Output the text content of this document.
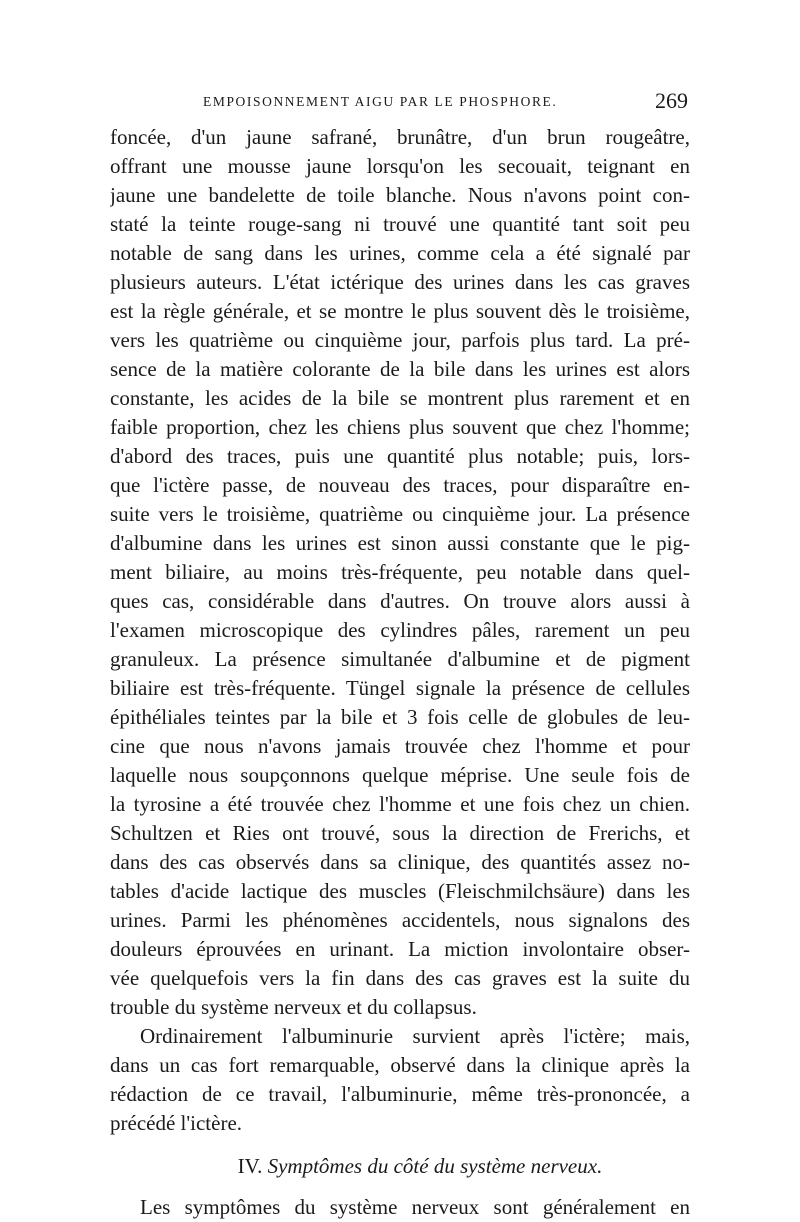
EMPOISONNEMENT AIGU PAR LE PHOSPHORE.	269
foncée, d'un jaune safrané, brunâtre, d'un brun rougeâtre,
offrant une mousse jaune lorsqu'on les secouait, teignant en
jaune une bandelette de toile blanche. Nous n'avons point con-
staté la teinte rouge-sang ni trouvé une quantité tant soit peu
notable de sang dans les urines, comme cela a été signalé par
plusieurs auteurs. L'état ictérique des urines dans les cas graves
est la règle générale, et se montre le plus souvent dès le troisième,
vers les quatrième ou cinquième jour, parfois plus tard. La pré-
sence de la matière colorante de la bile dans les urines est alors
constante, les acides de la bile se montrent plus rarement et en
faible proportion, chez les chiens plus souvent que chez l'homme;
d'abord des traces, puis une quantité plus notable; puis, lors-
que l'ictère passe, de nouveau des traces, pour disparaître en-
suite vers le troisième, quatrième ou cinquième jour. La présence
d'albumine dans les urines est sinon aussi constante que le pig-
ment biliaire, au moins très-fréquente, peu notable dans quel-
ques cas, considérable dans d'autres. On trouve alors aussi à
l'examen microscopique des cylindres pâles, rarement un peu
granuleux. La présence simultanée d'albumine et de pigment
biliaire est très-fréquente. Tüngel signale la présence de cellules
épithéliales teintes par la bile et 3 fois celle de globules de leu-
cine que nous n'avons jamais trouvée chez l'homme et pour
laquelle nous soupçonnons quelque méprise. Une seule fois de
la tyrosine a été trouvée chez l'homme et une fois chez un chien.
Schultzen et Ries ont trouvé, sous la direction de Frerichs, et
dans des cas observés dans sa clinique, des quantités assez no-
tables d'acide lactique des muscles (Fleischmilchsäure) dans les
urines. Parmi les phénomènes accidentels, nous signalons des
douleurs éprouvées en urinant. La miction involontaire obser-
vée quelquefois vers la fin dans des cas graves est la suite du
trouble du système nerveux et du collapsus.
Ordinairement l'albuminurie survient après l'ictère; mais,
dans un cas fort remarquable, observé dans la clinique après la
rédaction de ce travail, l'albuminurie, même très-prononcée, a
précédé l'ictère.
IV. Symptômes du côté du système nerveux.
Les symptômes du système nerveux sont généralement en
